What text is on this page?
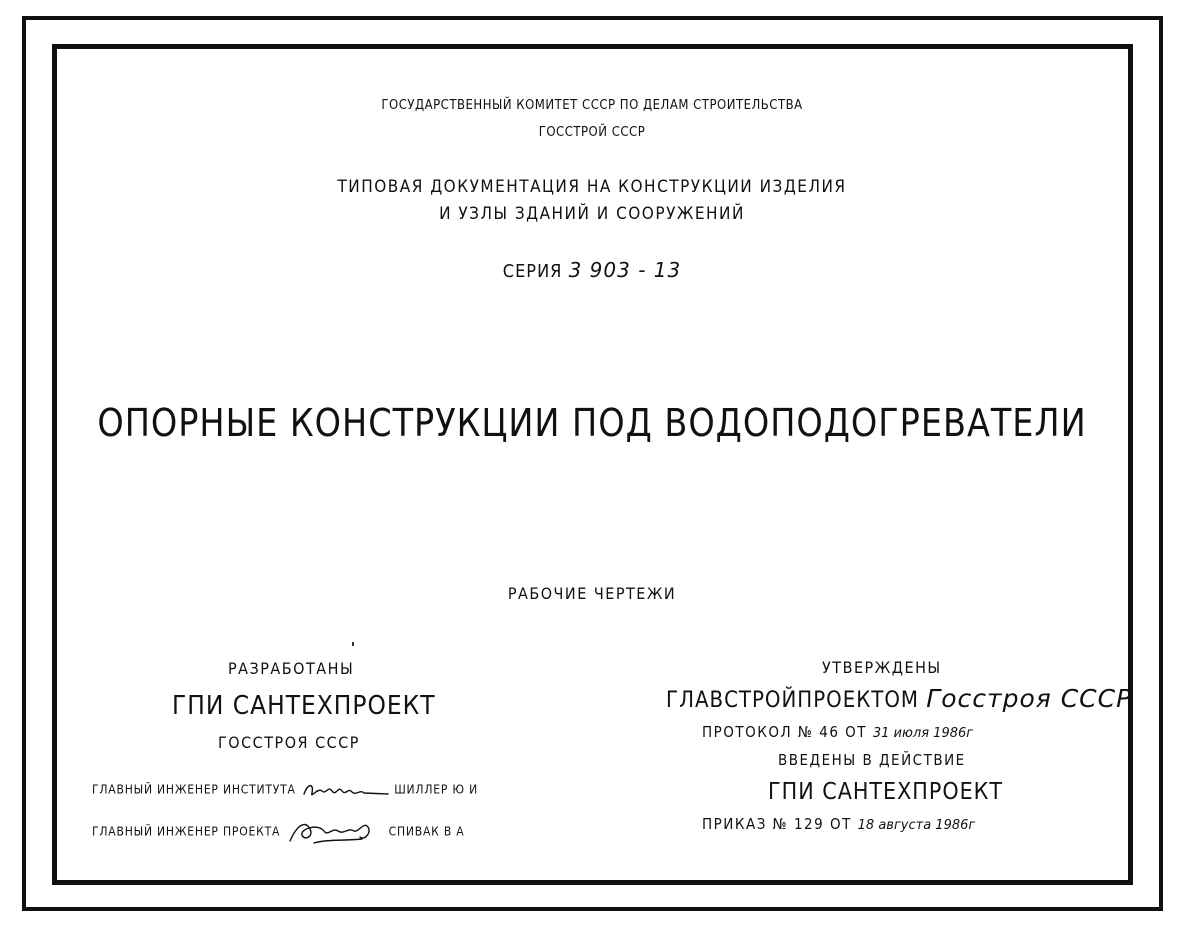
ГОСУДАРСТВЕННЫЙ КОМИТЕТ СССР ПО ДЕЛАМ СТРОИТЕЛЬСТВА
ГОССТРОЙ СССР
ТИПОВАЯ ДОКУМЕНТАЦИЯ НА КОНСТРУКЦИИ ИЗДЕЛИЯ
И УЗЛЫ ЗДАНИЙ И СООРУЖЕНИЙ
СЕРИЯ 3 903 - 13
ОПОРНЫЕ КОНСТРУКЦИИ ПОД ВОДОПОДОГРЕВАТЕЛИ
РАБОЧИЕ ЧЕРТЕЖИ
РАЗРАБОТАНЫ
ГПИ САНТЕХПРОЕКТ
ГОССТРОЯ СССР
ГЛАВНЫЙ ИНЖЕНЕР ИНСТИТУТА	ШИЛЛЕР Ю И
ГЛАВНЫЙ ИНЖЕНЕР ПРОЕКТА	СПИВАК В А
УТВЕРЖДЕНЫ
ГЛАВСТРОЙПРОЕКТОМ Госстроя СССР
ПРОТОКОЛ № 46 ОТ 31 июля 1986г
ВВЕДЕНЫ В ДЕЙСТВИЕ
ГПИ САНТЕХПРОЕКТ
ПРИКАЗ № 129 ОТ 18 августа 1986г
